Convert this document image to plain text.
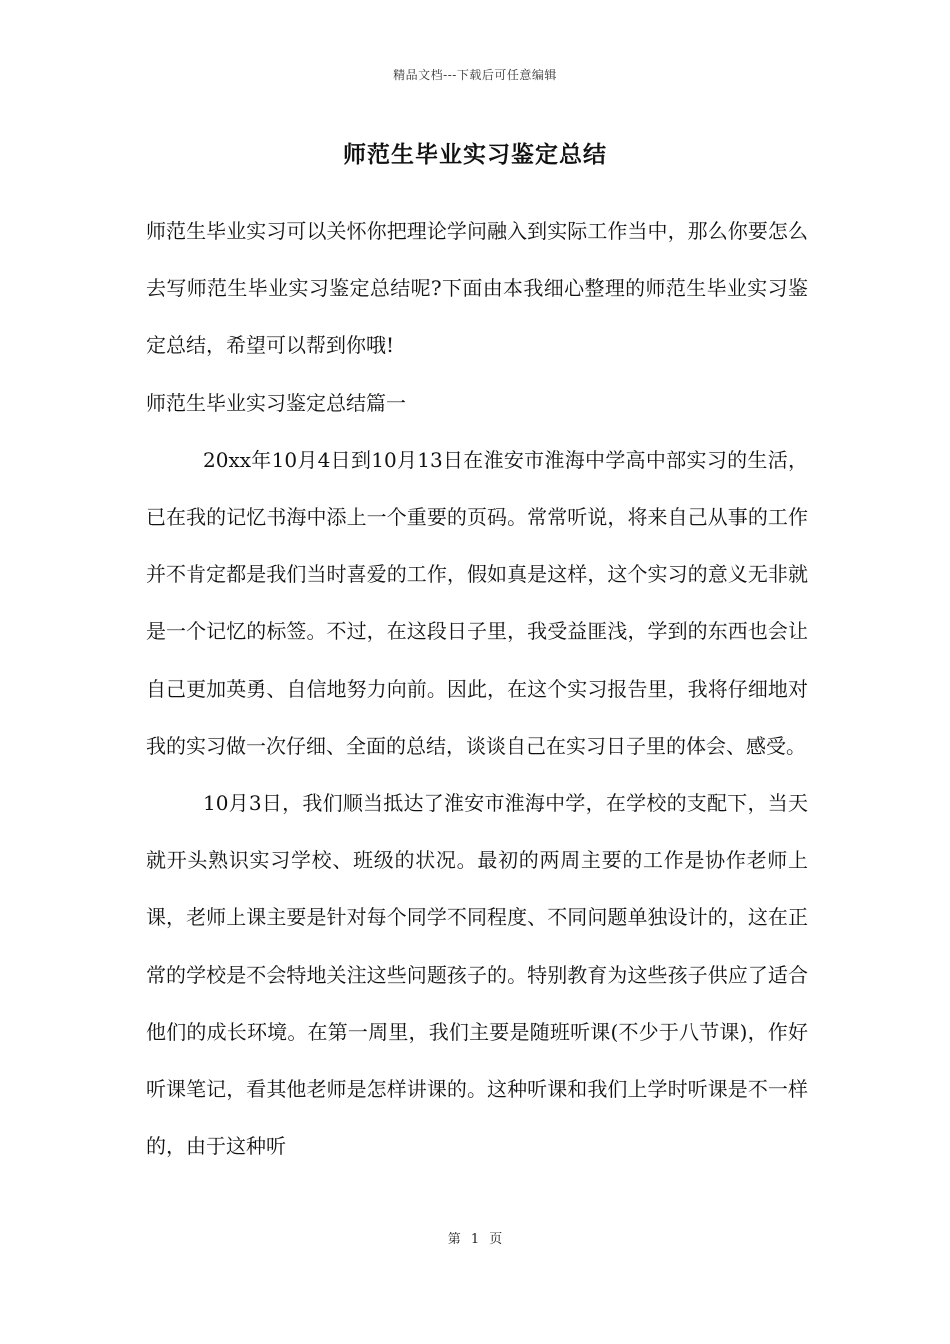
精品文档---下载后可任意编辑
师范生毕业实习鉴定总结

师范生毕业实习可以关怀你把理论学问融入到实际工作当中，那么你要怎么去写师范生毕业实习鉴定总结呢?下面由本我细心整理的师范生毕业实习鉴定总结，希望可以帮到你哦!

师范生毕业实习鉴定总结篇一

20xx年10月4日到10月13日在淮安市淮海中学高中部实习的生活，已在我的记忆书海中添上一个重要的页码。常常听说，将来自己从事的工作并不肯定都是我们当时喜爱的工作，假如真是这样，这个实习的意义无非就是一个记忆的标签。不过，在这段日子里，我受益匪浅，学到的东西也会让自己更加英勇、自信地努力向前。因此，在这个实习报告里，我将仔细地对我的实习做一次仔细、全面的总结，谈谈自己在实习日子里的体会、感受。

10月3日，我们顺当抵达了淮安市淮海中学，在学校的支配下，当天就开头熟识实习学校、班级的状况。最初的两周主要的工作是协作老师上课，老师上课主要是针对每个同学不同程度、不同问题单独设计的，这在正常的学校是不会特地关注这些问题孩子的。特别教育为这些孩子供应了适合他们的成长环境。在第一周里，我们主要是随班听课(不少于八节课)，作好听课笔记，看其他老师是怎样讲课的。这种听课和我们上学时听课是不一样的，由于这种听

第 1 页
